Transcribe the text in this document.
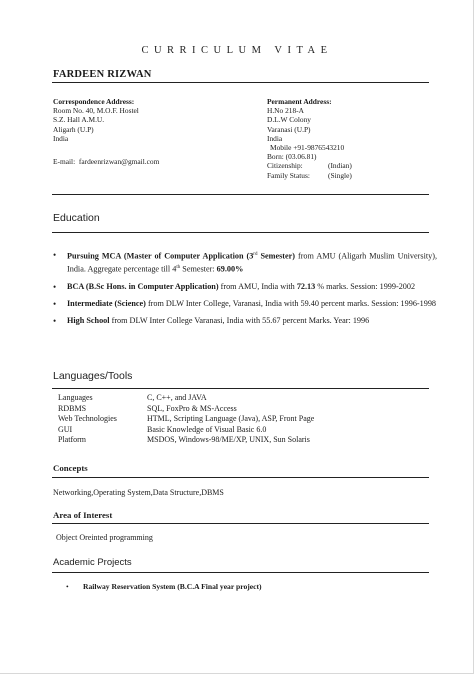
CURRICULUM VITAE
FARDEEN RIZWAN
Correspondence Address:
Room No. 40, M.O.F. Hostel
S.Z. Hall A.M.U.
Aligarh (U.P)
India
E-mail: fardeenrizwan@gmail.com
Permanent Address:
H.No 218-A
D.L.W Colony
Varanasi (U.P)
India
Mobile +91-9876543210
Born: (03.06.81)
Citizenship:	(Indian)
Family Status:	(Single)
Education
• Pursuing MCA (Master of Computer Application (3rd Semester) from AMU (Aligarh Muslim University), India. Aggregate percentage till 4th Semester: 69.00%
• BCA (B.Sc Hons. in Computer Application) from AMU, India with 72.13 % marks. Session: 1999-2002
• Intermediate (Science) from DLW Inter College, Varanasi, India with 59.40 percent marks. Session: 1996-1998
• High School from DLW Inter College Varanasi, India with 55.67 percent Marks. Year: 1996
Languages/Tools
Languages	C, C++, and JAVA
RDBMS	SQL, FoxPro & MS-Access
Web Technologies	HTML, Scripting Language (Java), ASP, Front Page
GUI	Basic Knowledge of Visual Basic 6.0
Platform	MSDOS, Windows-98/ME/XP, UNIX, Sun Solaris
Concepts
Networking,Operating System,Data Structure,DBMS
Area of Interest
Object Oreinted programming
Academic Projects
• Railway Reservation System (B.C.A Final year project)
